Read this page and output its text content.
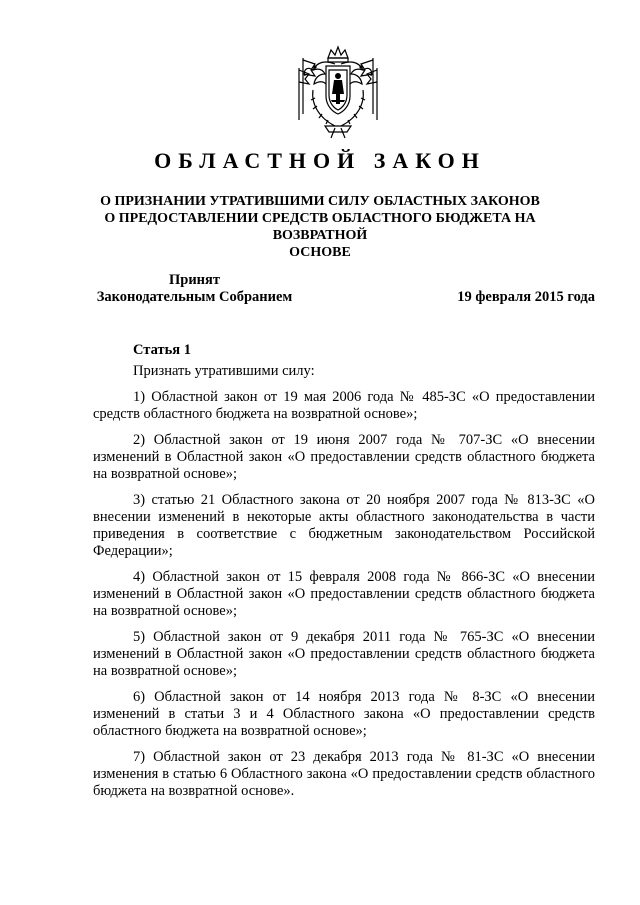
ОБЛАСТНОЙ ЗАКОН
О ПРИЗНАНИИ УТРАТИВШИМИ СИЛУ ОБЛАСТНЫХ ЗАКОНОВ
О ПРЕДОСТАВЛЕНИИ СРЕДСТВ ОБЛАСТНОГО БЮДЖЕТА НА ВОЗВРАТНОЙ
ОСНОВЕ
Принят
Законодательным Собранием	19 февраля 2015 года
Статья 1

Признать утратившими силу:

1) Областной закон от 19 мая 2006 года № 485-ЗС «О предоставлении средств областного бюджета на возвратной основе»;

2) Областной закон от 19 июня 2007 года № 707-ЗС «О внесении изменений в Областной закон «О предоставлении средств областного бюджета на возвратной основе»;

3) статью 21 Областного закона от 20 ноября 2007 года № 813-ЗС «О внесении изменений в некоторые акты областного законодательства в части приведения в соответствие с бюджетным законодательством Российской Федерации»;

4) Областной закон от 15 февраля 2008 года № 866-ЗС «О внесении изменений в Областной закон «О предоставлении средств областного бюджета на возвратной основе»;

5) Областной закон от 9 декабря 2011 года № 765-ЗС «О внесении изменений в Областной закон «О предоставлении средств областного бюджета на возвратной основе»;

6) Областной закон от 14 ноября 2013 года № 8-ЗС «О внесении изменений в статьи 3 и 4 Областного закона «О предоставлении средств областного бюджета на возвратной основе»;

7) Областной закон от 23 декабря 2013 года № 81-ЗС «О внесении изменения в статью 6 Областного закона «О предоставлении средств областного бюджета на возвратной основе».
